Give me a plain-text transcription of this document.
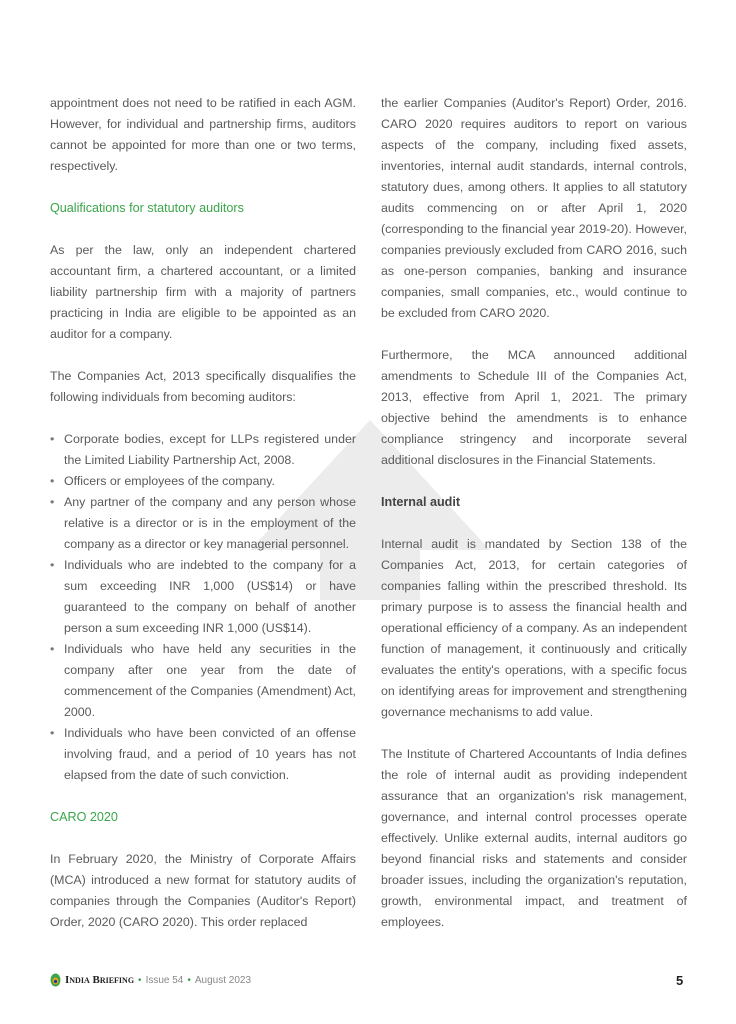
appointment does not need to be ratified in each AGM. However, for individual and partnership firms, auditors cannot be appointed for more than one or two terms, respectively.

Qualifications for statutory auditors

As per the law, only an independent chartered accountant firm, a chartered accountant, or a limited liability partnership firm with a majority of partners practicing in India are eligible to be appointed as an auditor for a company.

The Companies Act, 2013 specifically disqualifies the following individuals from becoming auditors:

• Corporate bodies, except for LLPs registered under the Limited Liability Partnership Act, 2008.
• Officers or employees of the company.
• Any partner of the company and any person whose relative is a director or is in the employment of the company as a director or key managerial personnel.
• Individuals who are indebted to the company for a sum exceeding INR 1,000 (US$14) or have guaranteed to the company on behalf of another person a sum exceeding INR 1,000 (US$14).
• Individuals who have held any securities in the company after one year from the date of commencement of the Companies (Amendment) Act, 2000.
• Individuals who have been convicted of an offense involving fraud, and a period of 10 years has not elapsed from the date of such conviction.
CARO 2020

In February 2020, the Ministry of Corporate Affairs (MCA) introduced a new format for statutory audits of companies through the Companies (Auditor's Report) Order, 2020 (CARO 2020). This order replaced

the earlier Companies (Auditor's Report) Order, 2016. CARO 2020 requires auditors to report on various aspects of the company, including fixed assets, inventories, internal audit standards, internal controls, statutory dues, among others. It applies to all statutory audits commencing on or after April 1, 2020 (corresponding to the financial year 2019-20). However, companies previously excluded from CARO 2016, such as one-person companies, banking and insurance companies, small companies, etc., would continue to be excluded from CARO 2020.

Furthermore, the MCA announced additional amendments to Schedule III of the Companies Act, 2013, effective from April 1, 2021. The primary objective behind the amendments is to enhance compliance stringency and incorporate several additional disclosures in the Financial Statements.

Internal audit

Internal audit is mandated by Section 138 of the Companies Act, 2013, for certain categories of companies falling within the prescribed threshold. Its primary purpose is to assess the financial health and operational efficiency of a company. As an independent function of management, it continuously and critically evaluates the entity's operations, with a specific focus on identifying areas for improvement and strengthening governance mechanisms to add value.

The Institute of Chartered Accountants of India defines the role of internal audit as providing independent assurance that an organization's risk management, governance, and internal control processes operate effectively. Unlike external audits, internal auditors go beyond financial risks and statements and consider broader issues, including the organization's reputation, growth, environmental impact, and treatment of employees.

India Briefing • Issue 54 • August 2023	5
